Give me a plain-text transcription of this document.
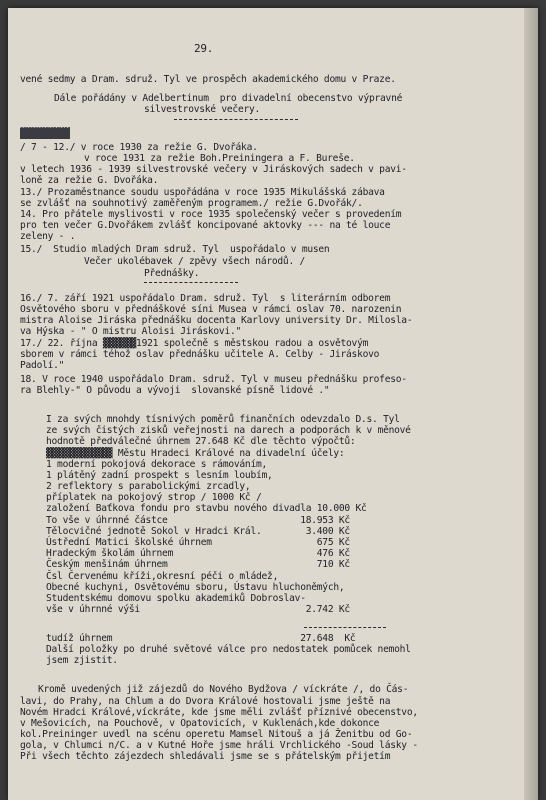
29.
vené sedmy a Dram. sdruž. Tyl ve prospěch akademického domu v Praze.
Dále pořádány v Adelbertinum  pro divadelní obecenstvo výpravné
silvestrovské večery.
▓▓▓▓▓▓▓▓▓
/ 7 - 12./ v roce 1930 za režie G. Dvořáka.
v roce 1931 za režie Boh.Preiningera a F. Bureše.
v letech 1936 - 1939 silvestrovské večery v Jiráskových sadech v pavi-
loně za režie G. Dvořáka.
13./ Prozaměstnance soudu uspořádána v roce 1935 Mikulášská zábava
se zvlášť na souhnotivý zaměřeným programem./ režie G.Dvořák/.
14. Pro přátele myslivosti v roce 1935 společenský večer s provedením
pro ten večer G.Dvořákem zvlášť koncipované aktovky --- na té louce
zeleny - .
15./  Studio mladých Dram sdruž. Tyl  uspořádalo v musen
Večer ukolébavek / zpěvy všech národů. /
Přednášky.
16./ 7. září 1921 uspořádalo Dram. sdruž. Tyl  s literárním odborem
Osvětového sboru v přednáškové síni Musea v rámci oslav 70. narozenin
mistra Aloise Jiráska přednášku docenta Karlovy university Dr. Milosla-
va Hýska - " O mistru Aloisi Jiráskovi."
17./ 22. října ▓▓▓▓▓▓1921 společně s městskou radou a osvětovým
sborem v rámci téhož oslav přednášku učitele A. Celby - Jiráskovo
Padolí."
18. V roce 1940 uspořádalo Dram. sdruž. Tyl v museu přednášku profeso-
ra Blehly-" O původu a vývoji  slovanské písně lidové ."
I za svých mnohdy tísnivých poměrů finančních odevzdalo D.s. Tyl
ze svých čistých zisků veřejnosti na darech a podporách k v měnové
hodnotě předválečné úhrnem 27.648 Kč dle těchto výpočtů:
▓▓▓▓▓▓▓▓▓▓▓▓ Městu Hradeci Králové na divadelní účely:
1 moderní pokojová dekorace s rámováním,
1 plátěný zadní prospekt s lesním loubím,
2 reflektory s parabolickými zrcadly,
příplatek na pokojový strop / 1000 Kč /
založení Baťkova fondu pro stavbu nového divadla 10.000 Kč
To vše v úhrnné částce                        18.953 Kč
Tělocvičné jednotě Sokol v Hradci Král.        3.400 Kč
Ústřední Matici školské úhrnem                   675 Kč
Hradeckým školám úhrnem                          476 Kč
Českým menšinám úhrnem                           710 Kč
Čsl Červenému kříži,okresní péči o mládež,
Obecné kuchyni, Osvětovému sboru, Ústavu hluchoněmých,
Studentskému domovu spolku akademiků Dobroslav-
vše v úhrnné výši                              2.742 Kč
tudíž úhrnem                                  27.648  Kč
Další položky po druhé světové válce pro nedostatek pomůcek nemohl
jsem zjistit.
Kromě uvedených již zájezdů do Nového Bydžova / víckráte /, do Čás-
lavi, do Prahy, na Chlum a do Dvora Králové hostovali jsme ještě na
Novém Hradci Králové,víckráte, kde jsme měli zvlášť příznivé obecenstvo,
v Mešovicích, na Pouchově, v Opatovicích, v Kuklenách,kde dokonce
kol.Preininger uvedl na scénu operetu Mamsel Nitouš a já Ženitbu od Go-
gola, v Chlumci n/C. a v Kutné Hoře jsme hráli Vrchlického -Soud lásky -
Při všech těchto zájezdech shledávali jsme se s přátelským přijetím
